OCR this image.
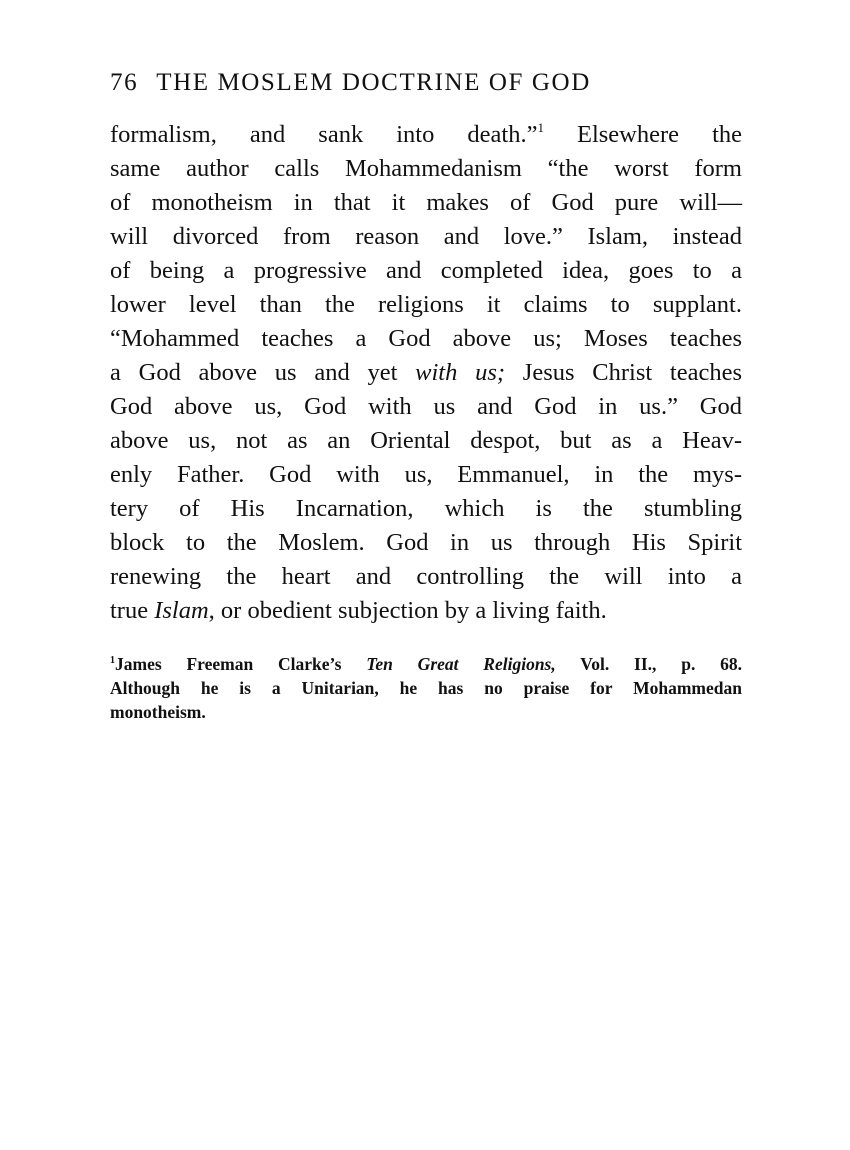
76 THE MOSLEM DOCTRINE OF GOD
formalism, and sank into death.”$^1$ Elsewhere the
same author calls Mohammedanism “the worst form
of monotheism in that it makes of God pure will—
will divorced from reason and love.” Islam, instead
of being a progressive and completed idea, goes to a
lower level than the religions it claims to supplant.
“Mohammed teaches a God above us; Moses teaches
a God above us and yet with us; Jesus Christ teaches
God above us, God with us and God in us.” God
above us, not as an Oriental despot, but as a Heav-
enly Father. God with us, Emmanuel, in the mys-
tery of His Incarnation, which is the stumbling
block to the Moslem. God in us through His Spirit
renewing the heart and controlling the will into a
true Islam, or obedient subjection by a living faith.
$^1$James Freeman Clarke’s Ten Great Religions, Vol. II., p. 68.
Although he is a Unitarian, he has no praise for Mohammedan
monotheism.
